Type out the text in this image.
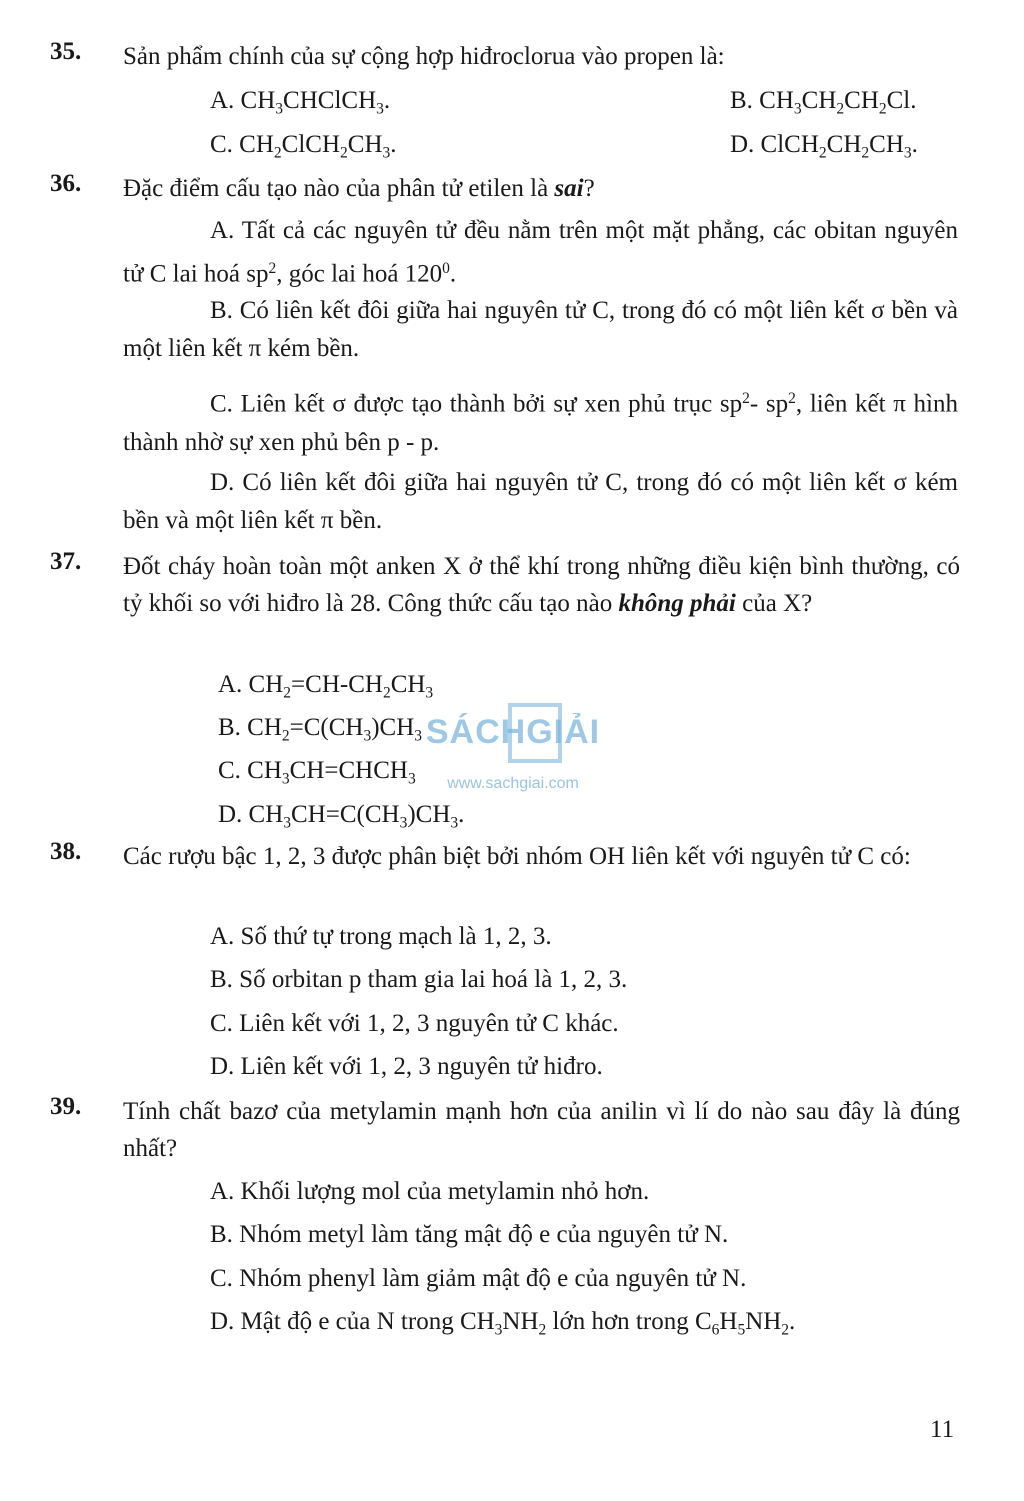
35. Sản phẩm chính của sự cộng hợp hiđroclorua vào propen là:
A. $CH_3CHClCH_3$.	B. $CH_3CH_2CH_2Cl$.
C. $CH_2ClCH_2CH_3$.	D. $ClCH_2CH_2CH_3$.
36. Đặc điểm cấu tạo nào của phân tử etilen là sai?
A. Tất cả các nguyên tử đều nằm trên một mặt phẳng, các obitan nguyên tử C lai hoá $sp^2$, góc lai hoá $120^0$.
B. Có liên kết đôi giữa hai nguyên tử C, trong đó có một liên kết σ bền và một liên kết π kém bền.
C. Liên kết σ được tạo thành bởi sự xen phủ trục $sp^2-$ $sp^2$, liên kết π hình thành nhờ sự xen phủ bên p - p.
D. Có liên kết đôi giữa hai nguyên tử C, trong đó có một liên kết σ kém bền và một liên kết π bền.
37. Đốt cháy hoàn toàn một anken X ở thể khí trong những điều kiện bình thường, có tỷ khối so với hiđro là 28. Công thức cấu tạo nào không phải của X?
A. $CH_2=CH-CH_2CH_3$
B. $CH_2=C(CH_3)CH_3$
C. $CH_3CH=CHCH_3$
D. $CH_3CH=C(CH_3)CH_3$.
SÁCHGIẢI
www.sachgiai.com
38. Các rượu bậc 1, 2, 3 được phân biệt bởi nhóm OH liên kết với nguyên tử C có:
A. Số thứ tự trong mạch là 1, 2, 3.
B. Số orbitan p tham gia lai hoá là 1, 2, 3.
C. Liên kết với 1, 2, 3 nguyên tử C khác.
D. Liên kết với 1, 2, 3 nguyên tử hiđro.
39. Tính chất bazơ của metylamin mạnh hơn của anilin vì lí do nào sau đây là đúng nhất?
A. Khối lượng mol của metylamin nhỏ hơn.
B. Nhóm metyl làm tăng mật độ e của nguyên tử N.
C. Nhóm phenyl làm giảm mật độ e của nguyên tử N.
D. Mật độ e của N trong $CH_3NH_2$ lớn hơn trong $C_6H_5NH_2$.
11
